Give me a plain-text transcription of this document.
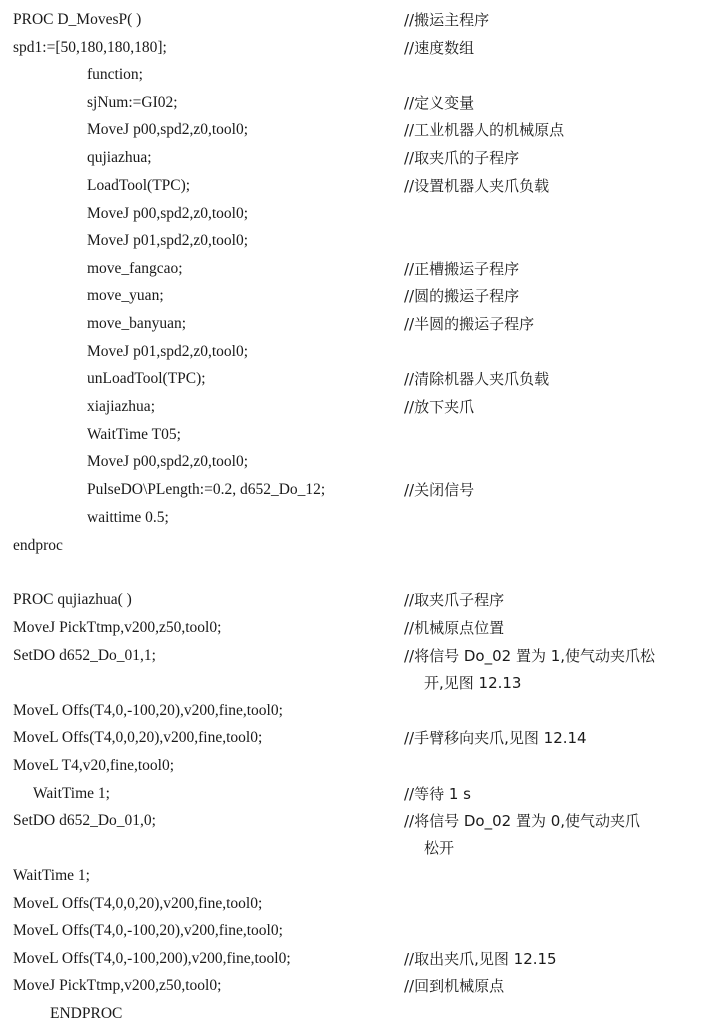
PROC D_MovesP( )	//搬运主程序
spd1:=[50,180,180,180];	//速度数组
function;
sjNum:=GI02;	//定义变量
MoveJ p00,spd2,z0,tool0;	//工业机器人的机械原点
qujiazhua;	//取夹爪的子程序
LoadTool(TPC);	//设置机器人夹爪负载
MoveJ p00,spd2,z0,tool0;
MoveJ p01,spd2,z0,tool0;
move_fangcao;	//正槽搬运子程序
move_yuan;	//圆的搬运子程序
move_banyuan;	//半圆的搬运子程序
MoveJ p01,spd2,z0,tool0;
unLoadTool(TPC);	//清除机器人夹爪负载
xiajiazhua;	//放下夹爪
WaitTime T05;
MoveJ p00,spd2,z0,tool0;
PulseDO\PLength:=0.2, d652_Do_12;	//关闭信号
waittime 0.5;
endproc
PROC qujiazhua( )	//取夹爪子程序
MoveJ PickTtmp,v200,z50,tool0;	//机械原点位置
SetDO d652_Do_01,1;	//将信号 Do_02 置为 1,使气动夹爪松
开,见图 12.13
MoveL Offs(T4,0,-100,20),v200,fine,tool0;
MoveL Offs(T4,0,0,20),v200,fine,tool0;	//手臂移向夹爪,见图 12.14
MoveL T4,v20,fine,tool0;
WaitTime 1;	//等待 1 s
SetDO d652_Do_01,0;	//将信号 Do_02 置为 0,使气动夹爪
松开
WaitTime 1;
MoveL Offs(T4,0,0,20),v200,fine,tool0;
MoveL Offs(T4,0,-100,20),v200,fine,tool0;
MoveL Offs(T4,0,-100,200),v200,fine,tool0;	//取出夹爪,见图 12.15
MoveJ PickTtmp,v200,z50,tool0;	//回到机械原点
ENDPROC
